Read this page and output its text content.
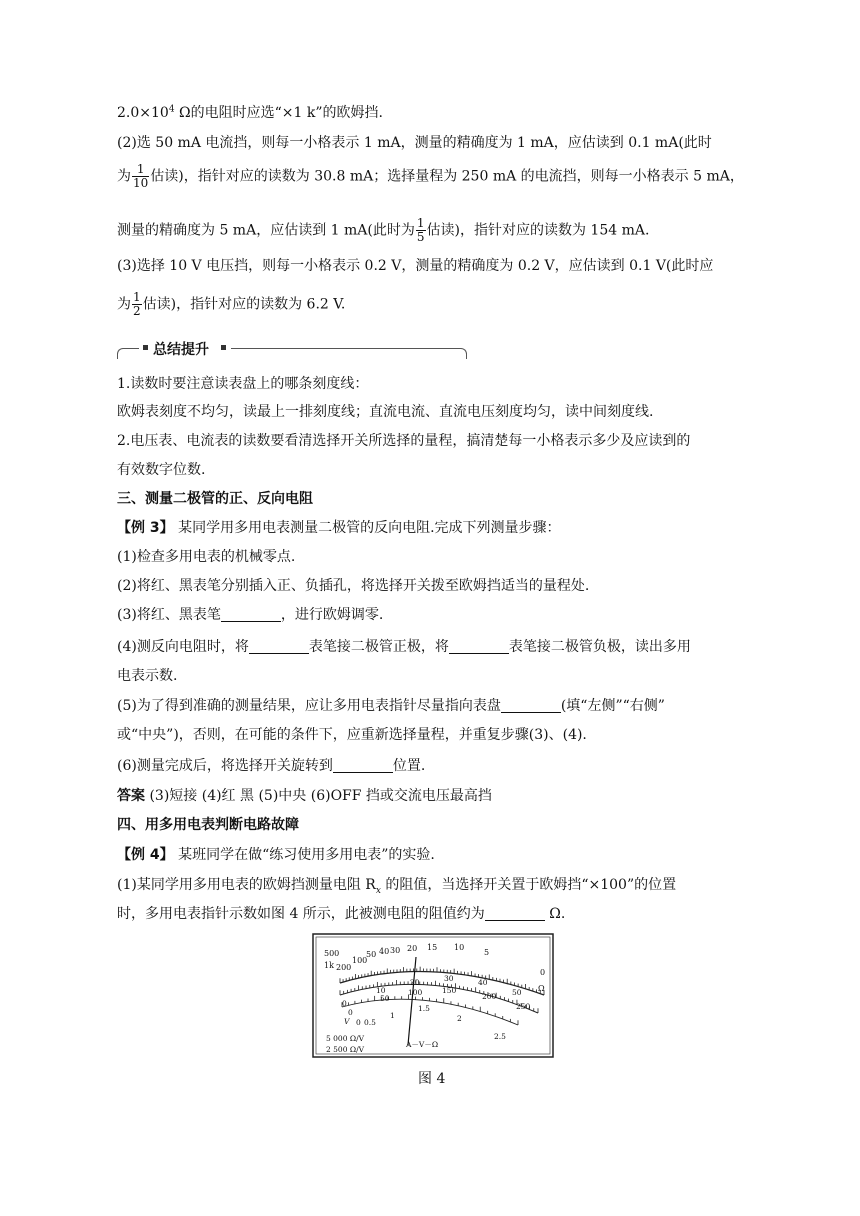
$2.0\times 10^4$ Ω的电阻时应选“×1 k”的欧姆挡.
(2)选 50 mA 电流挡，则每一小格表示 1 mA，测量的精确度为 1 mA，应估读到 0.1 mA(此时
为 $\frac{1}{10}$ 估读)，指针对应的读数为 30.8 mA；选择量程为 250 mA 的电流挡，则每一小格表示 5 mA，
测量的精确度为 5 mA，应估读到 1 mA(此时为 $\frac{1}{5}$ 估读)，指针对应的读数为 154 mA.
(3)选择 10 V 电压挡，则每一小格表示 0.2 V，测量的精确度为 0.2 V，应估读到 0.1 V(此时应
为 $\frac{1}{2}$ 估读)，指针对应的读数为 6.2 V.
总结提升
1.读数时要注意读表盘上的哪条刻度线：
欧姆表刻度不均匀，读最上一排刻度线；直流电流、直流电压刻度均匀，读中间刻度线.
2.电压表、电流表的读数要看清选择开关所选择的量程，搞清楚每一小格表示多少及应读到的
有效数字位数.
三、测量二极管的正、反向电阻
【例 3】 某同学用多用电表测量二极管的反向电阻.完成下列测量步骤：
(1)检查多用电表的机械零点.
(2)将红、黑表笔分别插入正、负插孔，将选择开关拨至欧姆挡适当的量程处.
(3)将红、黑表笔	，进行欧姆调零.
(4)测反向电阻时，将	表笔接二极管正极，将	表笔接二极管负极，读出多用
电表示数.
(5)为了得到准确的测量结果，应让多用电表指针尽量指向表盘	(填“左侧”“右侧”
或“中央”)，否则，在可能的条件下，应重新选择量程，并重复步骤(3)、(4).
(6)测量完成后，将选择开关旋转到	位置.
答案 (3)短接 (4)红 黑 (5)中央 (6)OFF 挡或交流电压最高挡
四、用多用电表判断电路故障
【例 4】 某班同学在做“练习使用多用电表”的实验.
(1)某同学用多用电表的欧姆挡测量电阻 $R_x$ 的阻值，当选择开关置于欧姆挡“×100”的位置
时，多用电表指针示数如图 4 所示，此被测电阻的阻值约为	Ω.
500
1k 200
100
50 40 30 20 15 10
5
0
Ω
0
10
20	30	40
50
0
50
100	150
200
250
0 0.5
1
1.5
2
2.5
V
5 000 Ω/V
2 500 Ω/V
A－V－Ω
图 4
